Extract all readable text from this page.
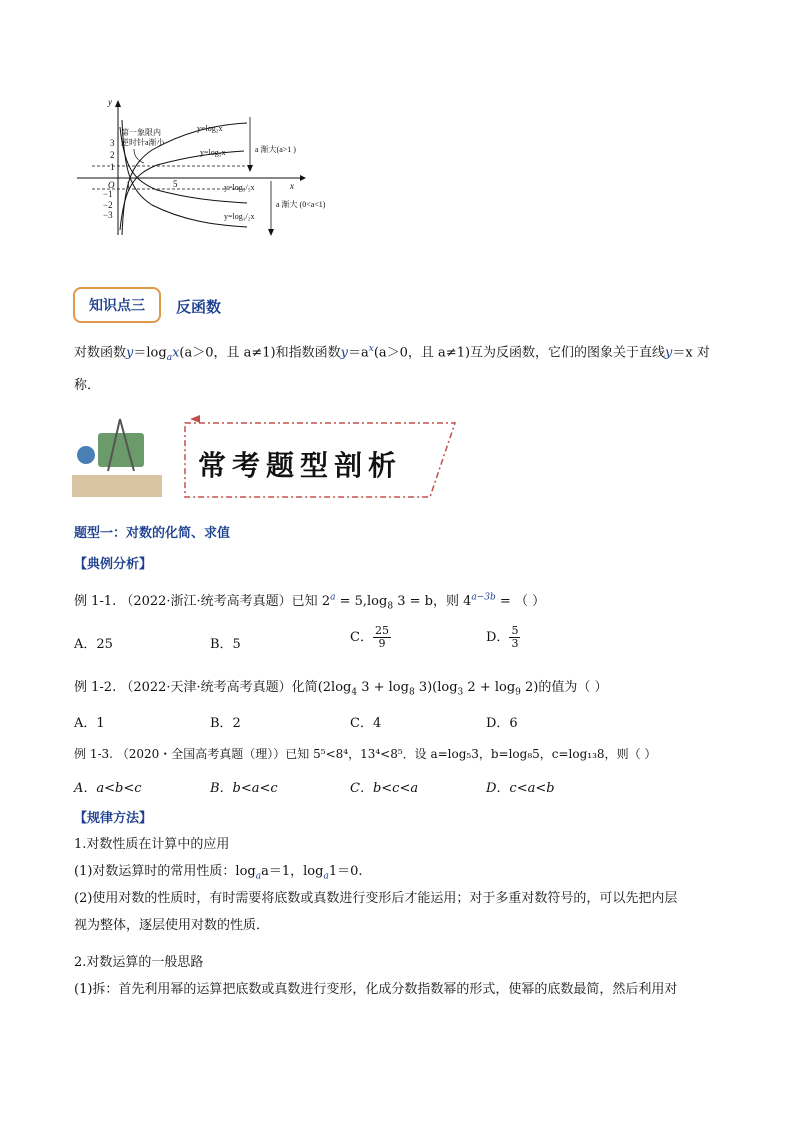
y
x
O
3
2
1
−1
−2
−3
1	5
第一象限内
逆时针a渐小
y=log₂x
y=log₅x
y=log₁/₅x
y=log₁/₂x
a 渐大(a>1 )
a 渐大 (0<a<1)
知识点三	反函数
对数函数$y=\log_ax(a>0$，且 a≠1)和指数函数$y=a^x(a>0$，且 a≠1)互为反函数，它们的图象关于直线y＝x 对
称．
常考题型剖析
题型一：对数的化简、求值
【典例分析】
例 1-1. （2022·浙江·统考高考真题）已知 $2^a = 5,\log_8$ 3 = b，则 $4^{a-3b}$ = （ ）
A．25	B．5	C． $\frac{25}{9}$	D． $\frac{5}{3}$
例 1-2. （2022·天津·统考高考真题）化简($2\log_4$ $3 + \log_8 3)(\log_3$ $2 + \log_9 2$)的值为（ ）
A．1	B．2	C．4	D．6
例 1-3. （2020・全国高考真题（理））已知 5⁵<8⁴，13⁴<8⁵．设 a=log₅3，b=log₈5，c=log₁₃8，则（ ）
A．a<b<c	B．b<a<c	C．b<c<a	D．c<a<b
【规律方法】
1.对数性质在计算中的应用
(1)对数运算时的常用性质：$\log_aa=1$，$\log_a1=0$.
(2)使用对数的性质时，有时需要将底数或真数进行变形后才能运用；对于多重对数符号的，可以先把内层
视为整体，逐层使用对数的性质．
2.对数运算的一般思路
(1)拆：首先利用幂的运算把底数或真数进行变形，化成分数指数幂的形式，使幂的底数最简，然后利用对
